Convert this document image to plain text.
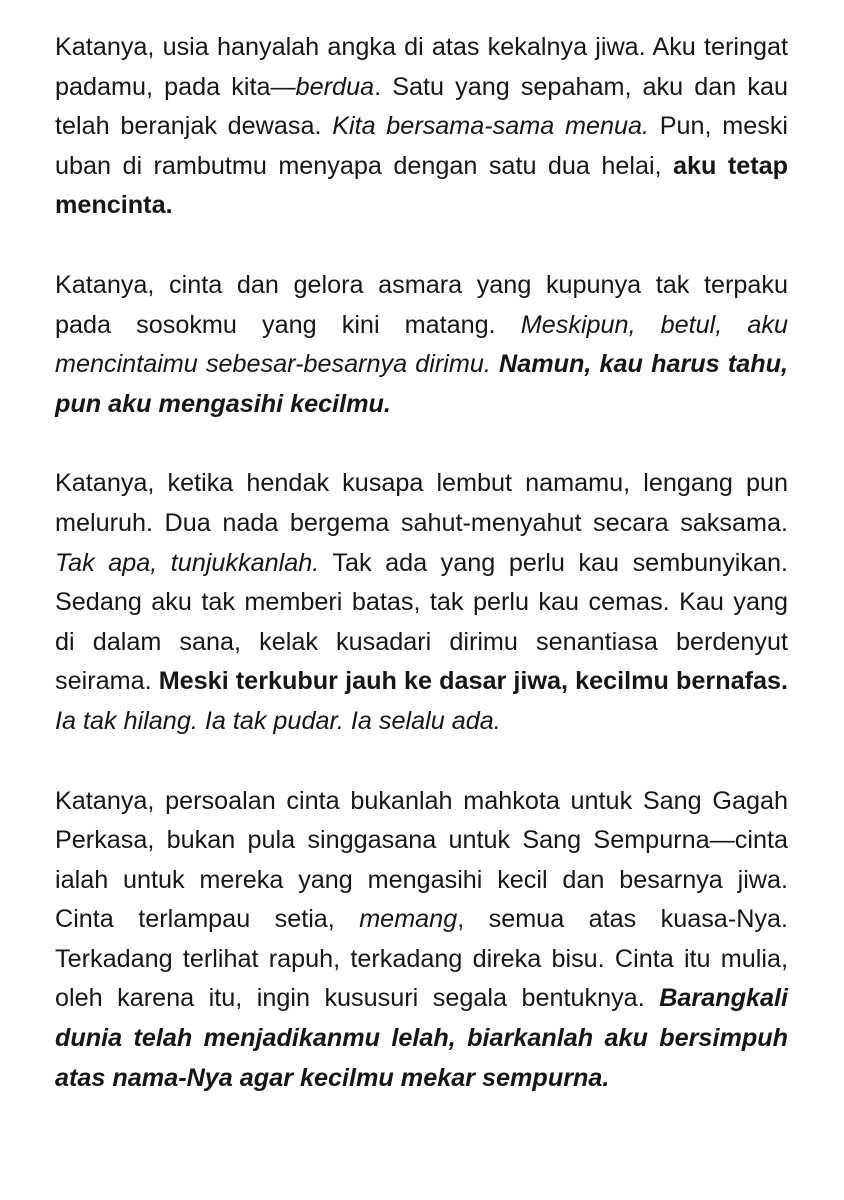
Katanya, usia hanyalah angka di atas kekalnya jiwa. Aku teringat padamu, pada kita—berdua. Satu yang sepaham, aku dan kau telah beranjak dewasa. Kita bersama-sama menua. Pun, meski uban di rambutmu menyapa dengan satu dua helai, aku tetap mencinta.

Katanya, cinta dan gelora asmara yang kupunya tak terpaku pada sosokmu yang kini matang. Meskipun, betul, aku mencintaimu sebesar-besarnya dirimu. Namun, kau harus tahu, pun aku mengasihi kecilmu.

Katanya, ketika hendak kusapa lembut namamu, lengang pun meluruh. Dua nada bergema sahut-menyahut secara saksama. Tak apa, tunjukkanlah. Tak ada yang perlu kau sembunyikan. Sedang aku tak memberi batas, tak perlu kau cemas. Kau yang di dalam sana, kelak kusadari dirimu senantiasa berdenyut seirama. Meski terkubur jauh ke dasar jiwa, kecilmu bernafas. Ia tak hilang. Ia tak pudar. Ia selalu ada.

Katanya, persoalan cinta bukanlah mahkota untuk Sang Gagah Perkasa, bukan pula singgasana untuk Sang Sempurna—cinta ialah untuk mereka yang mengasihi kecil dan besarnya jiwa. Cinta terlampau setia, memang, semua atas kuasa-Nya. Terkadang terlihat rapuh, terkadang direka bisu. Cinta itu mulia, oleh karena itu, ingin kususuri segala bentuknya. Barangkali dunia telah menjadikanmu lelah, biarkanlah aku bersimpuh atas nama-Nya agar kecilmu mekar sempurna.
